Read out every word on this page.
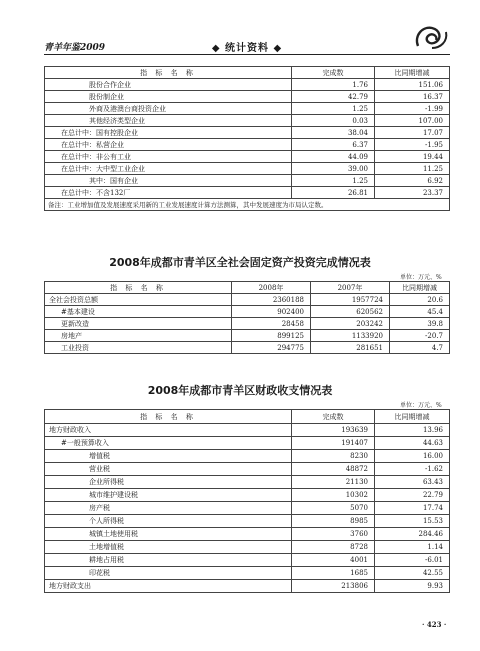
青羊年鉴2009	◆ 统计资料 ◆
指 标 名 称	完成数	比同期增减
股份合作企业	1.76	151.06
股份制企业	42.79	16.37
外商及港澳台商投资企业	1.25	-1.99
其他经济类型企业	0.03	107.00
在总计中：国有控股企业	38.04	17.07
在总计中：私营企业	6.37	-1.95
在总计中：非公有工业	44.09	19.44
在总计中：大中型工业企业	39.00	11.25
其中：国有企业	1.25	6.92
在总计中：不含132厂	26.81	23.37
备注：工业增加值及发展速度采用新的工业发展速度计算方法测算，其中发展速度为市局认定数。		
2008年成都市青羊区全社会固定资产投资完成情况表
单位：万元、%
指 标 名 称	2008年	2007年	比同期增减
全社会投资总额	2360188	1957724	20.6
#基本建设	902400	620562	45.4
更新改造	28458	203242	39.8
房地产	899125	1133920	-20.7
工业投资	294775	281651	4.7
2008年成都市青羊区财政收支情况表
单位：万元、%
指 标 名 称	完成数	比同期增减
地方财政收入	193639	13.96
#一般预算收入	191407	44.63
增值税	8230	16.00
营业税	48872	-1.62
企业所得税	21130	63.43
城市维护建设税	10302	22.79
房产税	5070	17.74
个人所得税	8985	15.53
城镇土地使用税	3760	284.46
土地增值税	8728	1.14
耕地占用税	4001	-6.01
印花税	1685	42.55
地方财政支出	213806	9.93
· 423 ·
